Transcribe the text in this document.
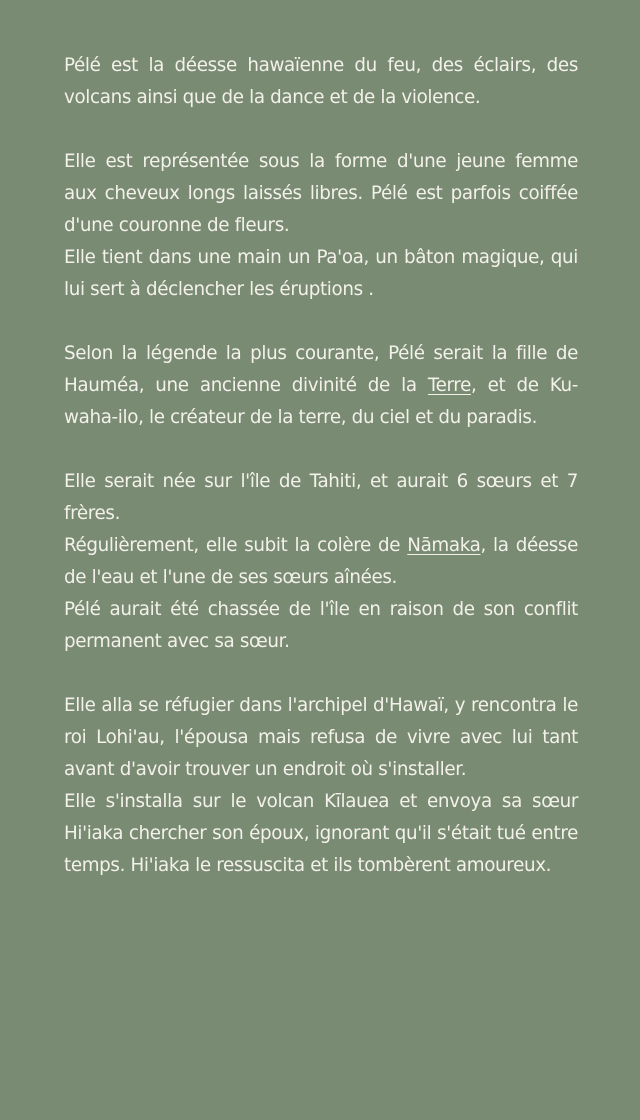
Pélé est la déesse hawaïenne du feu, des éclairs, des volcans ainsi que de la dance et de la violence.

Elle est représentée sous la forme d'une jeune femme aux cheveux longs laissés libres. Pélé est parfois coiffée d'une couronne de fleurs.
Elle tient dans une main un Pa'oa, un bâton magique, qui lui sert à déclencher les éruptions .

Selon la légende la plus courante, Pélé serait la fille de Hauméa, une ancienne divinité de la Terre, et de Ku-waha-ilo, le créateur de la terre, du ciel et du paradis.

Elle serait née sur l'île de Tahiti, et aurait 6 sœurs et 7 frères.
Régulièrement, elle subit la colère de Nāmaka, la déesse de l'eau et l'une de ses sœurs aînées.
Pélé aurait été chassée de l'île en raison de son conflit permanent avec sa sœur.

Elle alla se réfugier dans l'archipel d'Hawaï, y rencontra le roi Lohi'au, l'épousa mais refusa de vivre avec lui tant avant d'avoir trouver un endroit où s'installer.
Elle s'installa sur le volcan Kīlauea et envoya sa sœur Hi'iaka chercher son époux, ignorant qu'il s'était tué entre temps. Hi'iaka le ressuscita et ils tombèrent amoureux.
